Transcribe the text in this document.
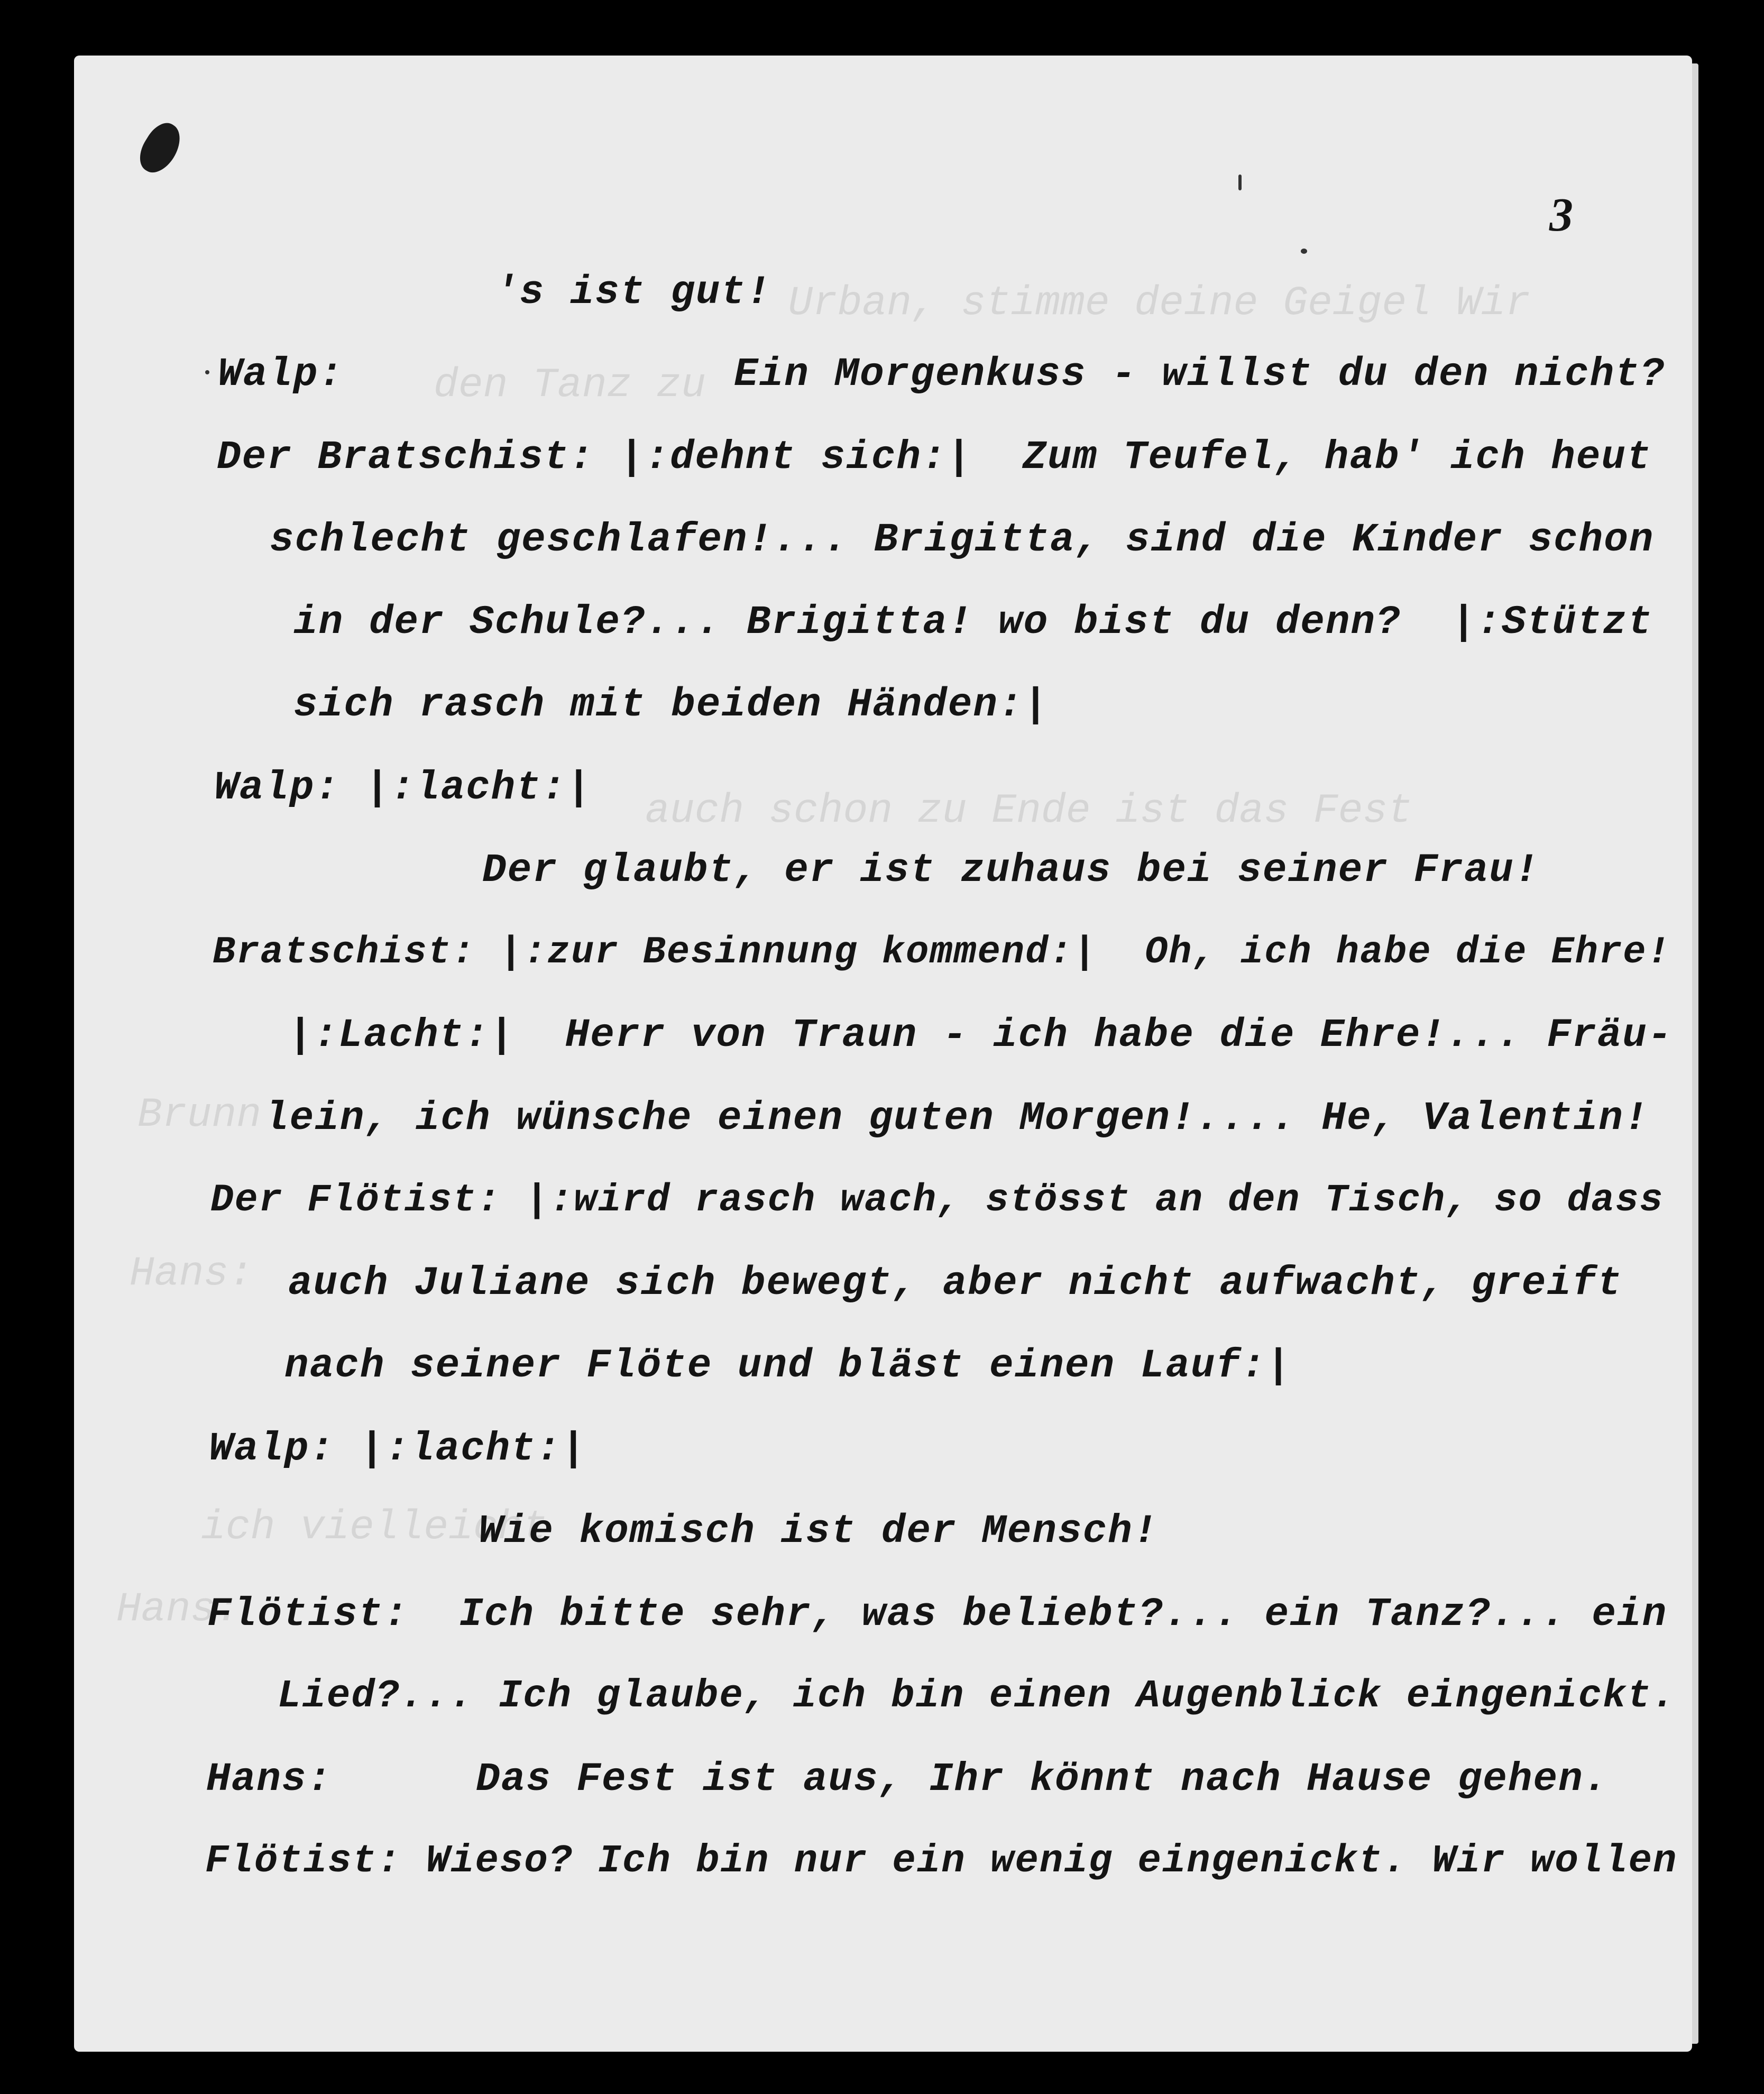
Urban, stimme deine Geigel Wir
den Tanz zu
auch schon zu Ende ist das Fest
Brunn
Hans:
Hans:
ich vielleicht
3
's ist gut!
Walp:	Ein Morgenkuss - willst du den nicht?
Der Bratschist: |:dehnt sich:|  Zum Teufel, hab' ich heut
schlecht geschlafen!... Brigitta, sind die Kinder schon
in der Schule?... Brigitta! wo bist du denn?  |:Stützt
sich rasch mit beiden Händen:|
Walp: |:lacht:|
Der glaubt, er ist zuhaus bei seiner Frau!
Bratschist: |:zur Besinnung kommend:|  Oh, ich habe die Ehre!
|:Lacht:|  Herr von Traun - ich habe die Ehre!... Fräu-
lein, ich wünsche einen guten Morgen!.... He, Valentin!
Der Flötist: |:wird rasch wach, stösst an den Tisch, so dass
auch Juliane sich bewegt, aber nicht aufwacht, greift
nach seiner Flöte und bläst einen Lauf:|
Walp: |:lacht:|
Wie komisch ist der Mensch!
Flötist:  Ich bitte sehr, was beliebt?... ein Tanz?... ein
Lied?... Ich glaube, ich bin einen Augenblick eingenickt.
Hans:	Das Fest ist aus, Ihr könnt nach Hause gehen.
Flötist: Wieso? Ich bin nur ein wenig eingenickt. Wir wollen
